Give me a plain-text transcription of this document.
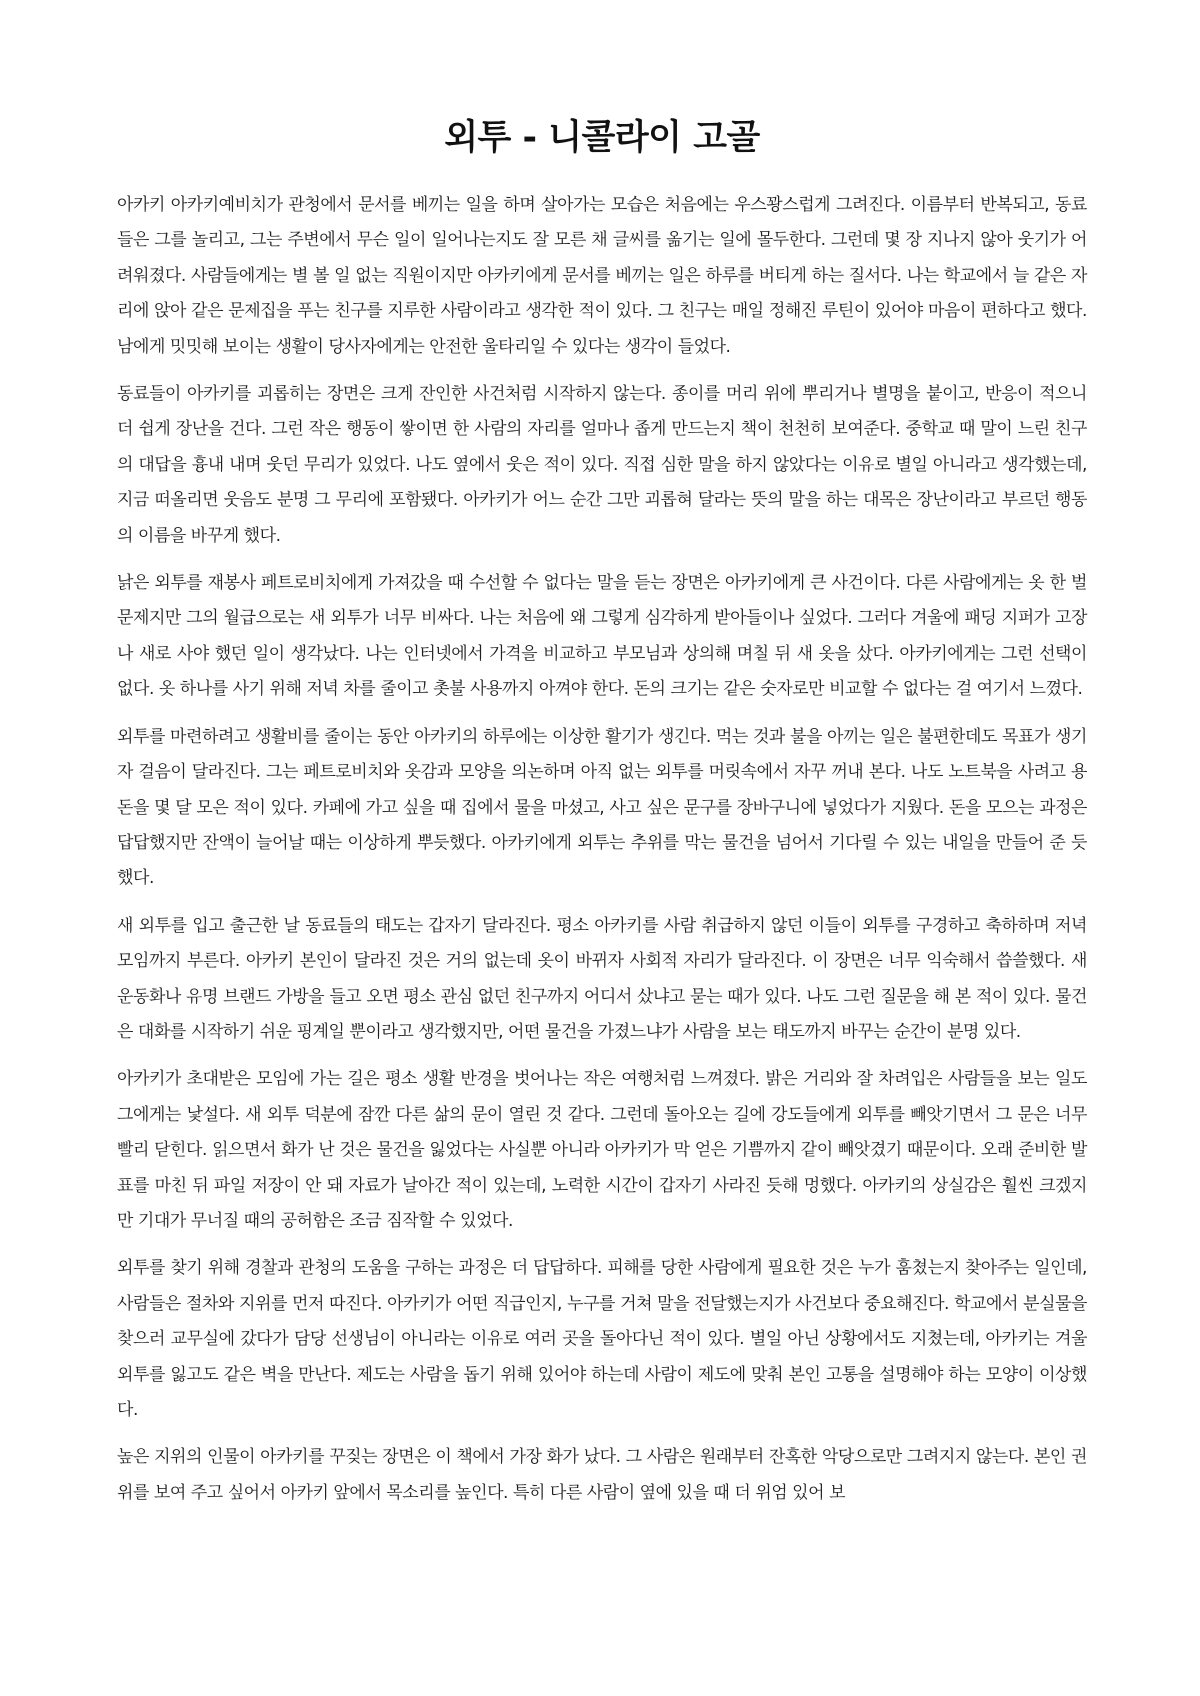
외투 - 니콜라이 고골

아카키 아카키예비치가 관청에서 문서를 베끼는 일을 하며 살아가는 모습은 처음에는 우스꽝스럽게 그려진다. 이름부터 반복되고, 동료들은 그를 놀리고, 그는 주변에서 무슨 일이 일어나는지도 잘 모른 채 글씨를 옮기는 일에 몰두한다. 그런데 몇 장 지나지 않아 웃기가 어려워졌다. 사람들에게는 별 볼 일 없는 직원이지만 아카키에게 문서를 베끼는 일은 하루를 버티게 하는 질서다. 나는 학교에서 늘 같은 자리에 앉아 같은 문제집을 푸는 친구를 지루한 사람이라고 생각한 적이 있다. 그 친구는 매일 정해진 루틴이 있어야 마음이 편하다고 했다. 남에게 밋밋해 보이는 생활이 당사자에게는 안전한 울타리일 수 있다는 생각이 들었다.

동료들이 아카키를 괴롭히는 장면은 크게 잔인한 사건처럼 시작하지 않는다. 종이를 머리 위에 뿌리거나 별명을 붙이고, 반응이 적으니 더 쉽게 장난을 건다. 그런 작은 행동이 쌓이면 한 사람의 자리를 얼마나 좁게 만드는지 책이 천천히 보여준다. 중학교 때 말이 느린 친구의 대답을 흉내 내며 웃던 무리가 있었다. 나도 옆에서 웃은 적이 있다. 직접 심한 말을 하지 않았다는 이유로 별일 아니라고 생각했는데, 지금 떠올리면 웃음도 분명 그 무리에 포함됐다. 아카키가 어느 순간 그만 괴롭혀 달라는 뜻의 말을 하는 대목은 장난이라고 부르던 행동의 이름을 바꾸게 했다.

낡은 외투를 재봉사 페트로비치에게 가져갔을 때 수선할 수 없다는 말을 듣는 장면은 아카키에게 큰 사건이다. 다른 사람에게는 옷 한 벌 문제지만 그의 월급으로는 새 외투가 너무 비싸다. 나는 처음에 왜 그렇게 심각하게 받아들이나 싶었다. 그러다 겨울에 패딩 지퍼가 고장 나 새로 사야 했던 일이 생각났다. 나는 인터넷에서 가격을 비교하고 부모님과 상의해 며칠 뒤 새 옷을 샀다. 아카키에게는 그런 선택이 없다. 옷 하나를 사기 위해 저녁 차를 줄이고 촛불 사용까지 아껴야 한다. 돈의 크기는 같은 숫자로만 비교할 수 없다는 걸 여기서 느꼈다.

외투를 마련하려고 생활비를 줄이는 동안 아카키의 하루에는 이상한 활기가 생긴다. 먹는 것과 불을 아끼는 일은 불편한데도 목표가 생기자 걸음이 달라진다. 그는 페트로비치와 옷감과 모양을 의논하며 아직 없는 외투를 머릿속에서 자꾸 꺼내 본다. 나도 노트북을 사려고 용돈을 몇 달 모은 적이 있다. 카페에 가고 싶을 때 집에서 물을 마셨고, 사고 싶은 문구를 장바구니에 넣었다가 지웠다. 돈을 모으는 과정은 답답했지만 잔액이 늘어날 때는 이상하게 뿌듯했다. 아카키에게 외투는 추위를 막는 물건을 넘어서 기다릴 수 있는 내일을 만들어 준 듯했다.

새 외투를 입고 출근한 날 동료들의 태도는 갑자기 달라진다. 평소 아카키를 사람 취급하지 않던 이들이 외투를 구경하고 축하하며 저녁 모임까지 부른다. 아카키 본인이 달라진 것은 거의 없는데 옷이 바뀌자 사회적 자리가 달라진다. 이 장면은 너무 익숙해서 씁쓸했다. 새 운동화나 유명 브랜드 가방을 들고 오면 평소 관심 없던 친구까지 어디서 샀냐고 묻는 때가 있다. 나도 그런 질문을 해 본 적이 있다. 물건은 대화를 시작하기 쉬운 핑계일 뿐이라고 생각했지만, 어떤 물건을 가졌느냐가 사람을 보는 태도까지 바꾸는 순간이 분명 있다.

아카키가 초대받은 모임에 가는 길은 평소 생활 반경을 벗어나는 작은 여행처럼 느껴졌다. 밝은 거리와 잘 차려입은 사람들을 보는 일도 그에게는 낯설다. 새 외투 덕분에 잠깐 다른 삶의 문이 열린 것 같다. 그런데 돌아오는 길에 강도들에게 외투를 빼앗기면서 그 문은 너무 빨리 닫힌다. 읽으면서 화가 난 것은 물건을 잃었다는 사실뿐 아니라 아카키가 막 얻은 기쁨까지 같이 빼앗겼기 때문이다. 오래 준비한 발표를 마친 뒤 파일 저장이 안 돼 자료가 날아간 적이 있는데, 노력한 시간이 갑자기 사라진 듯해 멍했다. 아카키의 상실감은 훨씬 크겠지만 기대가 무너질 때의 공허함은 조금 짐작할 수 있었다.

외투를 찾기 위해 경찰과 관청의 도움을 구하는 과정은 더 답답하다. 피해를 당한 사람에게 필요한 것은 누가 훔쳤는지 찾아주는 일인데, 사람들은 절차와 지위를 먼저 따진다. 아카키가 어떤 직급인지, 누구를 거쳐 말을 전달했는지가 사건보다 중요해진다. 학교에서 분실물을 찾으러 교무실에 갔다가 담당 선생님이 아니라는 이유로 여러 곳을 돌아다닌 적이 있다. 별일 아닌 상황에서도 지쳤는데, 아카키는 겨울 외투를 잃고도 같은 벽을 만난다. 제도는 사람을 돕기 위해 있어야 하는데 사람이 제도에 맞춰 본인 고통을 설명해야 하는 모양이 이상했다.

높은 지위의 인물이 아카키를 꾸짖는 장면은 이 책에서 가장 화가 났다. 그 사람은 원래부터 잔혹한 악당으로만 그려지지 않는다. 본인 권위를 보여 주고 싶어서 아카키 앞에서 목소리를 높인다. 특히 다른 사람이 옆에 있을 때 더 위엄 있어 보
